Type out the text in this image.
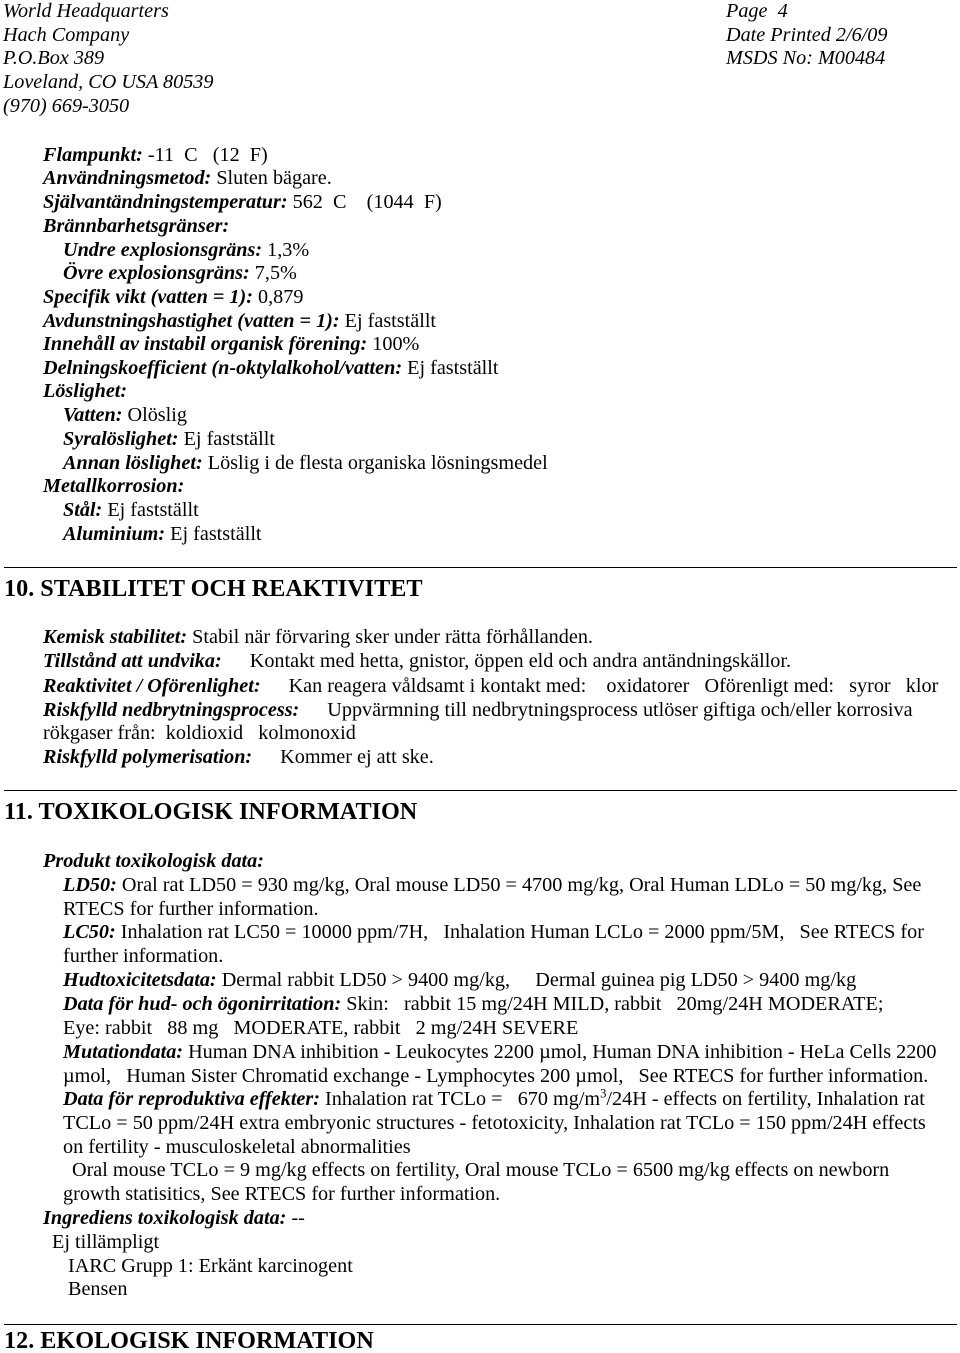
World Headquarters
Hach Company
P.O.Box 389
Loveland, CO USA 80539
(970) 669-3050
Page  4
Date Printed 2/6/09
MSDS No: M00484
Flampunkt: -11  C   (12  F)
Användningsmetod: Sluten bägare.
Självantändningstemperatur: 562  C    (1044  F)
Brännbarhetsgränser:
Undre explosionsgräns: 1,3%
Övre explosionsgräns: 7,5%
Specifik vikt (vatten = 1): 0,879
Avdunstningshastighet (vatten = 1): Ej fastställt
Innehåll av instabil organisk förening: 100%
Delningskoefficient (n-oktylalkohol/vatten: Ej fastställt
Löslighet:
Vatten: Olöslig
Syralöslighet: Ej fastställt
Annan löslighet: Löslig i de flesta organiska lösningsmedel
Metallkorrosion:
Stål: Ej fastställt
Aluminium: Ej fastställt
10. STABILITET OCH REAKTIVITET
Kemisk stabilitet: Stabil när förvaring sker under rätta förhållanden.
Tillstånd att undvika: Kontakt med hetta, gnistor, öppen eld och andra antändningskällor.
Reaktivitet / Oförenlighet: Kan reagera våldsamt i kontakt med:    oxidatorer   Oförenligt med:   syror   klor
Riskfylld nedbrytningsprocess: Uppvärmning till nedbrytningsprocess utlöser giftiga och/eller korrosiva
rökgaser från:  koldioxid   kolmonoxid
Riskfylld polymerisation: Kommer ej att ske.
11. TOXIKOLOGISK INFORMATION
Produkt toxikologisk data:
LD50: Oral rat LD50 = 930 mg/kg, Oral mouse LD50 = 4700 mg/kg, Oral Human LDLo = 50 mg/kg, See
RTECS for further information.
LC50: Inhalation rat LC50 = 10000 ppm/7H,   Inhalation Human LCLo = 2000 ppm/5M,   See RTECS for
further information.
Hudtoxicitetsdata: Dermal rabbit LD50 > 9400 mg/kg,     Dermal guinea pig LD50 > 9400 mg/kg
Data för hud- och ögonirritation: Skin:   rabbit 15 mg/24H MILD, rabbit   20mg/24H MODERATE;
Eye: rabbit   88 mg   MODERATE, rabbit   2 mg/24H SEVERE
Mutationdata: Human DNA inhibition - Leukocytes 2200 µmol, Human DNA inhibition - HeLa Cells 2200
µmol,   Human Sister Chromatid exchange - Lymphocytes 200 µmol,   See RTECS for further information.
Data för reproduktiva effekter: Inhalation rat TCLo =   670 $mg/m^3/24H$ - effects on fertility, Inhalation rat
TCLo = 50 ppm/24H extra embryonic structures - fetotoxicity, Inhalation rat TCLo = 150 ppm/24H effects
on fertility - musculoskeletal abnormalities
Oral mouse TCLo = 9 mg/kg effects on fertility, Oral mouse TCLo = 6500 mg/kg effects on newborn
growth statisitics, See RTECS for further information.
Ingrediens toxikologisk data: --
Ej tillämpligt
IARC Grupp 1: Erkänt karcinogent
Bensen
12. EKOLOGISK INFORMATION
